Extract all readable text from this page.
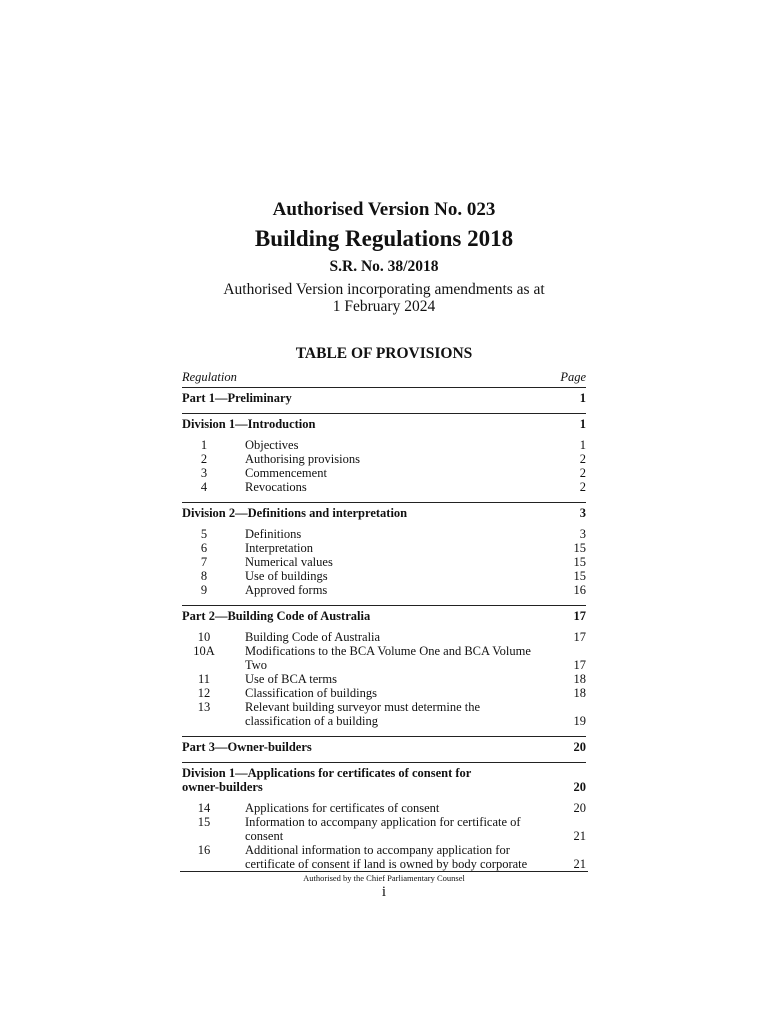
Authorised Version No. 023
Building Regulations 2018
S.R. No. 38/2018
Authorised Version incorporating amendments as at
1 February 2024
TABLE OF PROVISIONS
Regulation	Page
Part 1—Preliminary	1
Division 1—Introduction	1
1	Objectives	1
2	Authorising provisions	2
3	Commencement	2
4	Revocations	2
Division 2—Definitions and interpretation	3
5	Definitions	3
6	Interpretation	15
7	Numerical values	15
8	Use of buildings	15
9	Approved forms	16
Part 2—Building Code of Australia	17
10	Building Code of Australia	17
10A	Modifications to the BCA Volume One and BCA Volume
Two	17
11	Use of BCA terms	18
12	Classification of buildings	18
13	Relevant building surveyor must determine the
classification of a building	19
Part 3—Owner-builders	20
Division 1—Applications for certificates of consent for
owner-builders	20
14	Applications for certificates of consent	20
15	Information to accompany application for certificate of
consent	21
16	Additional information to accompany application for
certificate of consent if land is owned by body corporate	21
Authorised by the Chief Parliamentary Counsel
i
